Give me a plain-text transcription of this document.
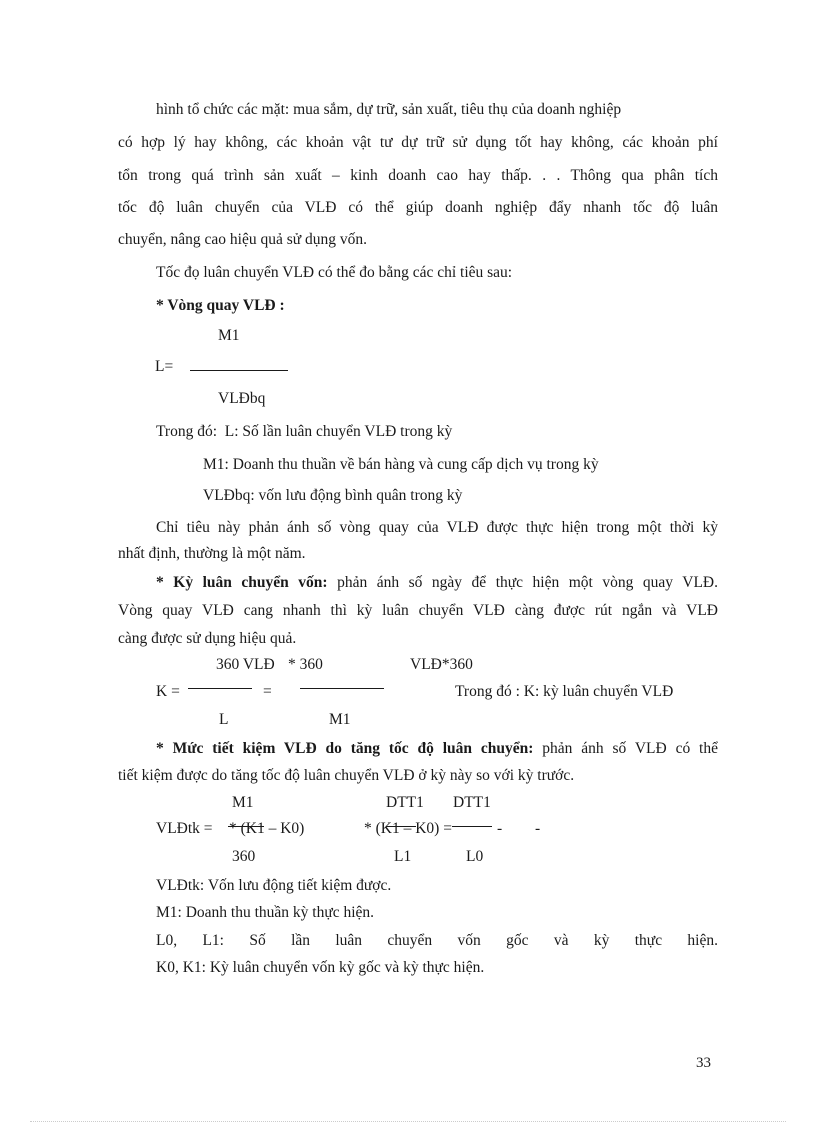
hình tổ chức các mặt: mua sắm, dự trữ, sản xuất, tiêu thụ của doanh nghiệp
có hợp lý hay không, các khoản vật tư dự trữ sử dụng tốt hay không, các khoản phí
tổn trong quá trình sản xuất – kinh doanh cao hay thấp. . . Thông qua phân tích
tốc độ luân chuyển của VLĐ có thể giúp doanh nghiệp đẩy nhanh tốc độ luân
chuyển, nâng cao hiệu quả sử dụng vốn.
Tốc đọ luân chuyển VLĐ có thể đo bằng các chỉ tiêu sau:
* Vòng quay VLĐ :
M1
L=
VLĐbq
Trong đó: L: Số lần luân chuyển VLĐ trong kỳ
M1: Doanh thu thuần về bán hàng và cung cấp dịch vụ trong kỳ
VLĐbq: vốn lưu động bình quân trong kỳ
Chỉ tiêu này phản ánh số vòng quay của VLĐ được thực hiện trong một thời kỳ
nhất định, thường là một năm.
* Kỳ luân chuyển vốn: phản ánh số ngày để thực hiện một vòng quay VLĐ.
Vòng quay VLĐ cang nhanh thì kỳ luân chuyển VLĐ càng được rút ngắn và VLĐ
càng được sử dụng hiệu quả.
360 VLĐ * 360	VLĐ*360
K =	=	Trong đó : K: kỳ luân chuyển VLĐ
L	M1
* Mức tiết kiệm VLĐ do tăng tốc độ luân chuyển: phản ánh số VLĐ có thể
tiết kiệm được do tăng tốc độ luân chuyển VLĐ ở kỳ này so với kỳ trước.
M1	DTT1 DTT1
VLĐtk = * (K1 – K0)	* (K1 – K0) =	- -
360	L1	L0
VLĐtk: Vốn lưu động tiết kiệm được.
M1: Doanh thu thuần kỳ thực hiện.
L0, L1: Số lần luân chuyển vốn gốc và kỳ thực hiện.
K0, K1: Kỳ luân chuyển vốn kỳ gốc và kỳ thực hiện.
33
